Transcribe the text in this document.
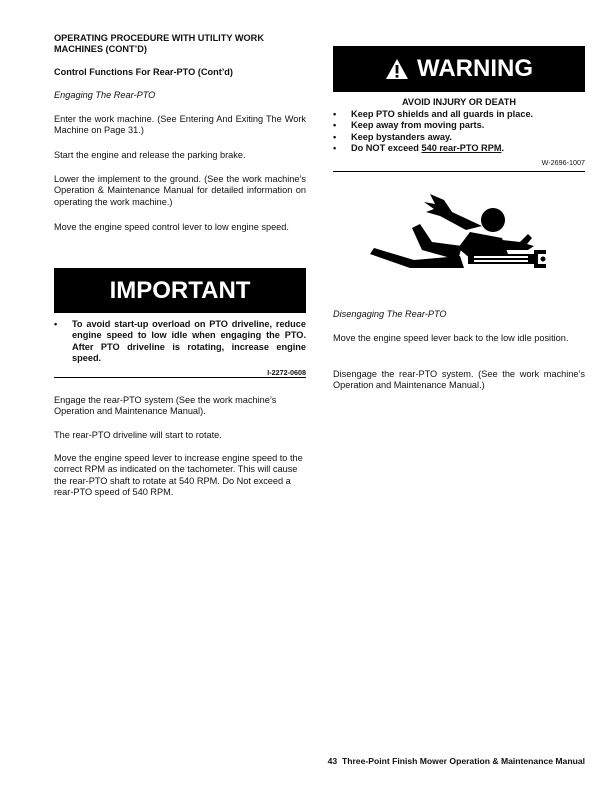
OPERATING PROCEDURE WITH UTILITY WORK MACHINES (CONT’D)

Control Functions For Rear-PTO (Cont’d)

Engaging The Rear-PTO

Enter the work machine. (See Entering And Exiting The Work Machine on Page 31.)

Start the engine and release the parking brake.

Lower the implement to the ground. (See the work machine’s Operation & Maintenance Manual for detailed information on operating the work machine.)

Move the engine speed control lever to low engine speed.

IMPORTANT
• To avoid start-up overload on PTO driveline, reduce engine speed to low idle when engaging the PTO. After PTO driveline is rotating, increase engine speed.
I-2272-0608

Engage the rear-PTO system (See the work machine’s Operation and Maintenance Manual).

The rear-PTO driveline will start to rotate.

Move the engine speed lever to increase engine speed to the correct RPM as indicated on the tachometer. This will cause the rear-PTO shaft to rotate at 540 RPM. Do Not exceed a rear-PTO speed of 540 RPM.

WARNING

AVOID INJURY OR DEATH

• Keep PTO shields and all guards in place.
• Keep away from moving parts.
• Keep bystanders away.
• Do NOT exceed 540 rear-PTO RPM.
W-2696-1007

Disengaging The Rear-PTO

Move the engine speed lever back to the low idle position.

Disengage the rear-PTO system. (See the work machine’s Operation and Maintenance Manual.)

43 Three-Point Finish Mower Operation & Maintenance Manual
